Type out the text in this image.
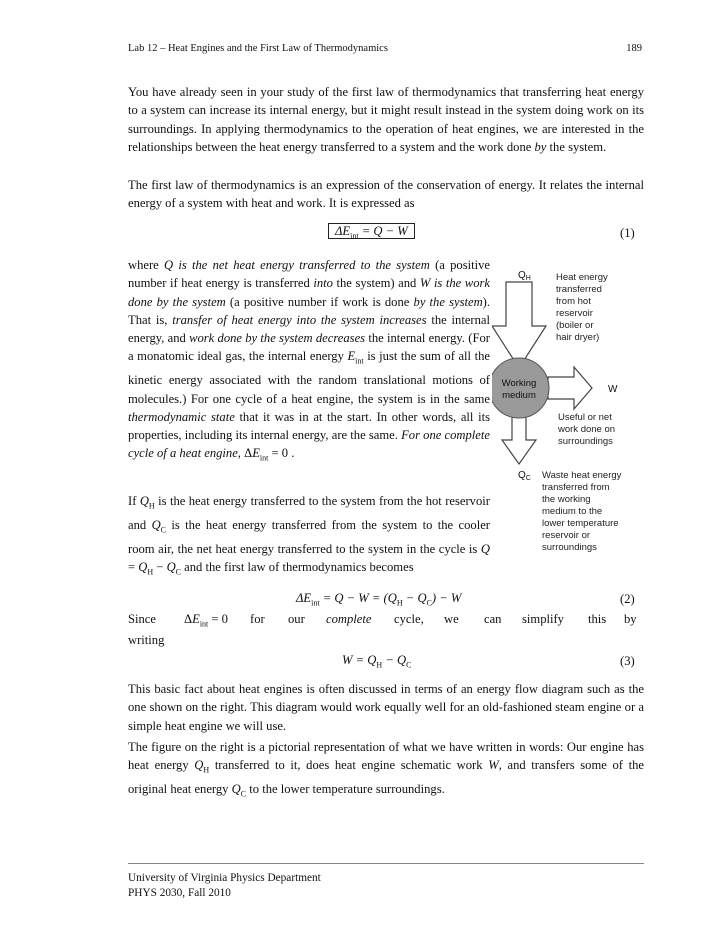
Lab 12 – Heat Engines and the First Law of Thermodynamics	189

You have already seen in your study of the first law of thermodynamics that transferring heat energy to a system can increase its internal energy, but it might result instead in the system doing work on its surroundings. In applying thermodynamics to the operation of heat engines, we are interested in the relationships between the heat energy transferred to a system and the work done by the system.

The first law of thermodynamics is an expression of the conservation of energy. It relates the internal energy of a system with heat and work. It is expressed as

$\Delta E_{int} = Q - W$	(1)

where Q is the net heat energy transferred to the system (a positive number if heat energy is transferred into the system) and W is the work done by the system (a positive number if work is done by the system). That is, transfer of heat energy into the system increases the internal energy, and work done by the system decreases the internal energy. (For a monatomic ideal gas, the internal energy $E_{int}$ is just the sum of all the kinetic energy associated with the random translational motions of molecules.) For one cycle of a heat engine, the system is in the same thermodynamic state that it was in at the start. In other words, all its properties, including its internal energy, are the same. For one complete cycle of a heat engine, $\Delta E_{int} = 0$ .

If $Q_H$ is the heat energy transferred to the system from the hot reservoir and $Q_C$ is the heat energy transferred from the system to the cooler room air, the net heat energy transferred to the system in the cycle is $Q = Q_H - Q_C$ and the first law of thermodynamics becomes

$\Delta E_{int} = Q - W = (Q_H - Q_C) - W$	(2)
Since $\Delta E_{int} = 0$ for our complete cycle, we can simplify this by

writing

$W = Q_H - Q_C$	(3)

This basic fact about heat engines is often discussed in terms of an energy flow diagram such as the one shown on the right. This diagram would work equally well for an old-fashioned steam engine or a simple heat engine we will use.

The figure on the right is a pictorial representation of what we have written in words: Our engine has heat energy $Q_H$ transferred to it, does heat engine schematic work W, and transfers some of the original heat energy $Q_C$ to the lower temperature surroundings.

Working
medium
$Q_H$	Heat energy
transferred
from hot
reservoir
(boiler or
hair dryer)
W
Useful or net
work done on
surroundings
$Q_C$ Waste heat energy
transferred from
the working
medium to the
lower temperature
reservoir or
surroundings
University of Virginia Physics Department
PHYS 2030, Fall 2010
